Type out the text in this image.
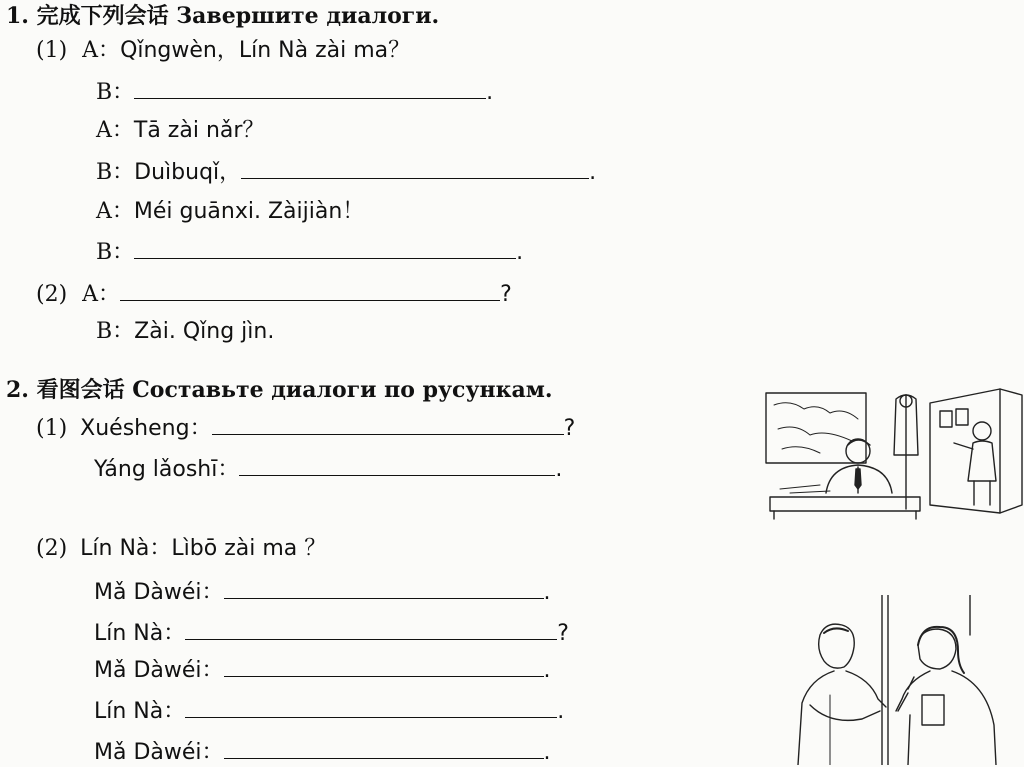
1. 完成下列会话 Завершите диалоги.
(1) A：Qǐngwèn，Lín Nà zài ma？
B：	.
A：Tā zài nǎr？
B：Duìbuqǐ，	.
A：Méi guānxi. Zàijiàn！
B：	.
(2) A：	?
B：Zài. Qǐng jìn.
2. 看图会话 Составьте диалоги по русункам.
(1) Xuésheng：	?
Yáng lǎoshī：	.
(2) Lín Nà：Lìbō zài ma ？
Mǎ Dàwéi：	.
Lín Nà：	?
Mǎ Dàwéi：	.
Lín Nà：	.
Mǎ Dàwéi：	.
